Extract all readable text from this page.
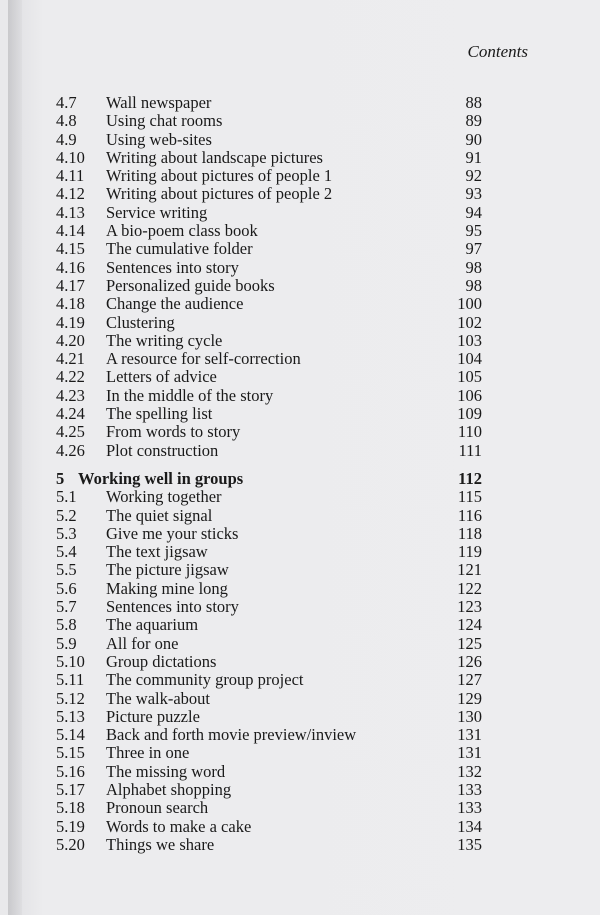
Contents
4.7	Wall newspaper	88
4.8	Using chat rooms	89
4.9	Using web-sites	90
4.10	Writing about landscape pictures	91
4.11	Writing about pictures of people 1	92
4.12	Writing about pictures of people 2	93
4.13	Service writing	94
4.14	A bio-poem class book	95
4.15	The cumulative folder	97
4.16	Sentences into story	98
4.17	Personalized guide books	98
4.18	Change the audience	100
4.19	Clustering	102
4.20	The writing cycle	103
4.21	A resource for self-correction	104
4.22	Letters of advice	105
4.23	In the middle of the story	106
4.24	The spelling list	109
4.25	From words to story	110
4.26	Plot construction	111
5 Working well in groups	112
5.1	Working together	115
5.2	The quiet signal	116
5.3	Give me your sticks	118
5.4	The text jigsaw	119
5.5	The picture jigsaw	121
5.6	Making mine long	122
5.7	Sentences into story	123
5.8	The aquarium	124
5.9	All for one	125
5.10	Group dictations	126
5.11	The community group project	127
5.12	The walk-about	129
5.13	Picture puzzle	130
5.14	Back and forth movie preview/inview	131
5.15	Three in one	131
5.16	The missing word	132
5.17	Alphabet shopping	133
5.18	Pronoun search	133
5.19	Words to make a cake	134
5.20	Things we share	135
